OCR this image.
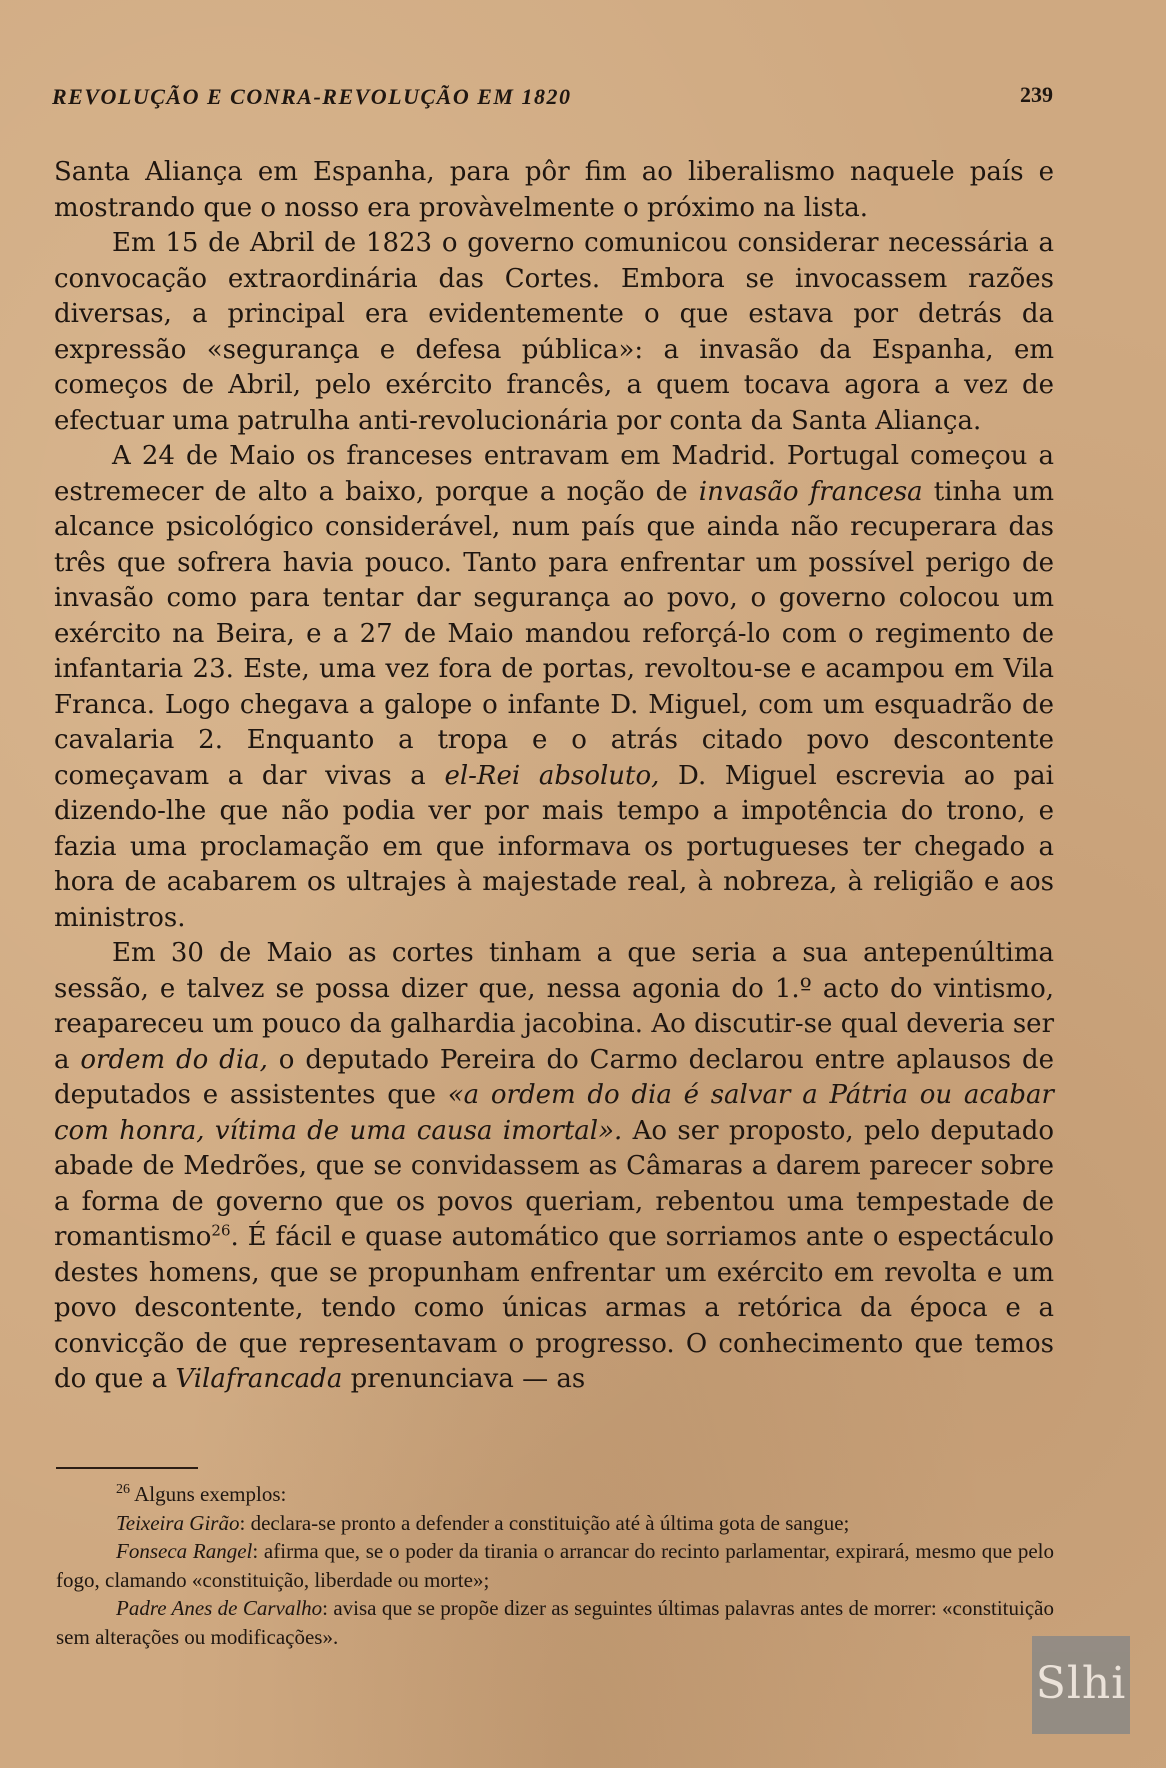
REVOLUÇÃO E CONRA-REVOLUÇÃO EM 1820	239

Santa Aliança em Espanha, para pôr fim ao liberalismo naquele país e mostrando que o nosso era provàvelmente o próximo na lista.

Em 15 de Abril de 1823 o governo comunicou considerar necessária a convocação extraordinária das Cortes. Embora se invocassem razões diversas, a principal era evidentemente o que estava por detrás da expressão «segurança e defesa pública»: a invasão da Espanha, em começos de Abril, pelo exército francês, a quem tocava agora a vez de efectuar uma patrulha anti-revolucionária por conta da Santa Aliança.

A 24 de Maio os franceses entravam em Madrid. Portugal começou a estremecer de alto a baixo, porque a noção de invasão francesa tinha um alcance psicológico considerável, num país que ainda não recuperara das três que sofrera havia pouco. Tanto para enfrentar um possível perigo de invasão como para tentar dar segurança ao povo, o governo colocou um exército na Beira, e a 27 de Maio mandou reforçá-lo com o regimento de infantaria 23. Este, uma vez fora de portas, revoltou-se e acampou em Vila Franca. Logo chegava a galope o infante D. Miguel, com um esquadrão de cavalaria 2. Enquanto a tropa e o atrás citado povo descontente começavam a dar vivas a el-Rei absoluto, D. Miguel escrevia ao pai dizendo-lhe que não podia ver por mais tempo a impotência do trono, e fazia uma proclamação em que informava os portugueses ter chegado a hora de acabarem os ultrajes à majestade real, à nobreza, à religião e aos ministros.

Em 30 de Maio as cortes tinham a que seria a sua antepenúltima sessão, e talvez se possa dizer que, nessa agonia do 1.º acto do vintismo, reapareceu um pouco da galhardia jacobina. Ao discutir-se qual deveria ser a ordem do dia, o deputado Pereira do Carmo declarou entre aplausos de deputados e assistentes que «a ordem do dia é salvar a Pátria ou acabar com honra, vítima de uma causa imortal». Ao ser proposto, pelo deputado abade de Medrões, que se convidassem as Câmaras a darem parecer sobre a forma de governo que os povos queriam, rebentou uma tempestade de romantismo$^{26}$. É fácil e quase automático que sorriamos ante o espectáculo destes homens, que se propunham enfrentar um exército em revolta e um povo descontente, tendo como únicas armas a retórica da época e a convicção de que representavam o progresso. O conhecimento que temos do que a Vilafrancada prenunciava — as

$^{26}$ Alguns exemplos:

Teixeira Girão: declara-se pronto a defender a constituição até à última gota de sangue;

Fonseca Rangel: afirma que, se o poder da tirania o arrancar do recinto parlamentar, expirará, mesmo que pelo fogo, clamando «constituição, liberdade ou morte»;

Padre Anes de Carvalho: avisa que se propõe dizer as seguintes últimas palavras antes de morrer: «constituição sem alterações ou modificações».

Slhi
